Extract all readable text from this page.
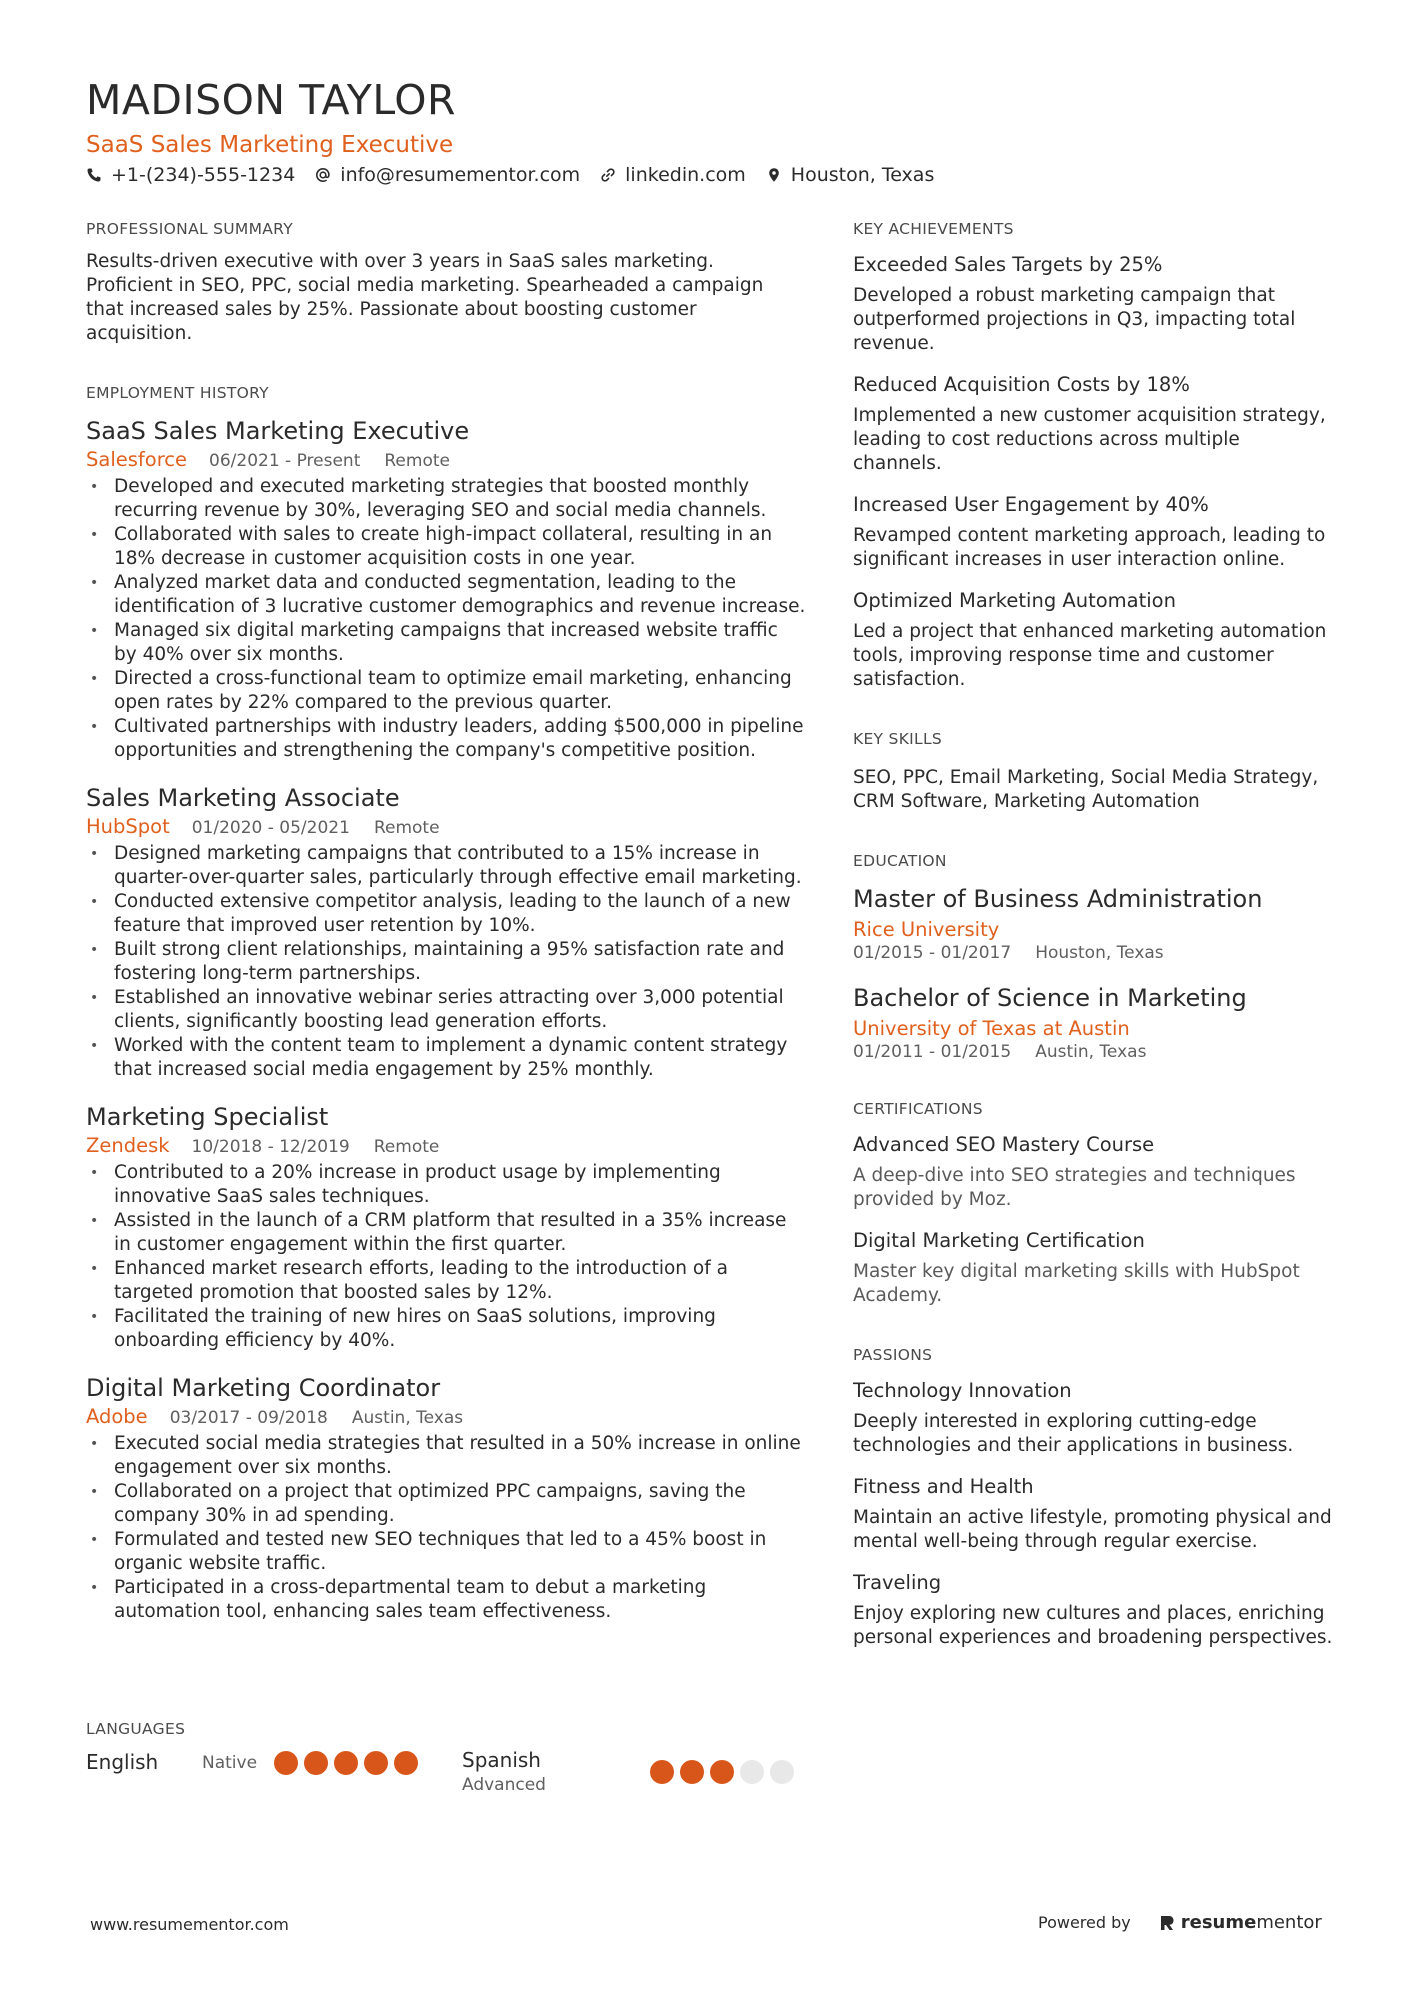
MADISON TAYLOR
SaaS Sales Marketing Executive
+1-(234)-555-1234 info@resumementor.com linkedin.com Houston, Texas
PROFESSIONAL SUMMARY
Results-driven executive with over 3 years in SaaS sales marketing. Proficient in SEO, PPC, social media marketing. Spearheaded a campaign that increased sales by 25%. Passionate about boosting customer acquisition.
EMPLOYMENT HISTORY
SaaS Sales Marketing Executive
Salesforce 06/2021 - Present Remote
• Developed and executed marketing strategies that boosted monthly recurring revenue by 30%, leveraging SEO and social media channels.
• Collaborated with sales to create high-impact collateral, resulting in an 18% decrease in customer acquisition costs in one year.
• Analyzed market data and conducted segmentation, leading to the identification of 3 lucrative customer demographics and revenue increase.
• Managed six digital marketing campaigns that increased website traffic by 40% over six months.
• Directed a cross-functional team to optimize email marketing, enhancing open rates by 22% compared to the previous quarter.
• Cultivated partnerships with industry leaders, adding $500,000 in pipeline opportunities and strengthening the company's competitive position.
Sales Marketing Associate
HubSpot 01/2020 - 05/2021 Remote
• Designed marketing campaigns that contributed to a 15% increase in quarter-over-quarter sales, particularly through effective email marketing.
• Conducted extensive competitor analysis, leading to the launch of a new feature that improved user retention by 10%.
• Built strong client relationships, maintaining a 95% satisfaction rate and fostering long-term partnerships.
• Established an innovative webinar series attracting over 3,000 potential clients, significantly boosting lead generation efforts.
• Worked with the content team to implement a dynamic content strategy that increased social media engagement by 25% monthly.
Marketing Specialist
Zendesk 10/2018 - 12/2019 Remote
• Contributed to a 20% increase in product usage by implementing innovative SaaS sales techniques.
• Assisted in the launch of a CRM platform that resulted in a 35% increase in customer engagement within the first quarter.
• Enhanced market research efforts, leading to the introduction of a targeted promotion that boosted sales by 12%.
• Facilitated the training of new hires on SaaS solutions, improving onboarding efficiency by 40%.
Digital Marketing Coordinator
Adobe 03/2017 - 09/2018 Austin, Texas
• Executed social media strategies that resulted in a 50% increase in online engagement over six months.
• Collaborated on a project that optimized PPC campaigns, saving the company 30% in ad spending.
• Formulated and tested new SEO techniques that led to a 45% boost in organic website traffic.
• Participated in a cross-departmental team to debut a marketing automation tool, enhancing sales team effectiveness.
LANGUAGES
English	Native	Spanish
Advanced
KEY ACHIEVEMENTS
Exceeded Sales Targets by 25%
Developed a robust marketing campaign that outperformed projections in Q3, impacting total revenue.
Reduced Acquisition Costs by 18%
Implemented a new customer acquisition strategy, leading to cost reductions across multiple channels.
Increased User Engagement by 40%
Revamped content marketing approach, leading to significant increases in user interaction online.
Optimized Marketing Automation
Led a project that enhanced marketing automation tools, improving response time and customer satisfaction.
KEY SKILLS
SEO, PPC, Email Marketing, Social Media Strategy, CRM Software, Marketing Automation
EDUCATION
Master of Business Administration
Rice University
01/2015 - 01/2017 Houston, Texas
Bachelor of Science in Marketing
University of Texas at Austin
01/2011 - 01/2015 Austin, Texas
CERTIFICATIONS
Advanced SEO Mastery Course
A deep-dive into SEO strategies and techniques provided by Moz.
Digital Marketing Certification
Master key digital marketing skills with HubSpot Academy.
PASSIONS
Technology Innovation
Deeply interested in exploring cutting-edge technologies and their applications in business.
Fitness and Health
Maintain an active lifestyle, promoting physical and mental well-being through regular exercise.
Traveling
Enjoy exploring new cultures and places, enriching personal experiences and broadening perspectives.
www.resumementor.com	Powered by	resume mentor
